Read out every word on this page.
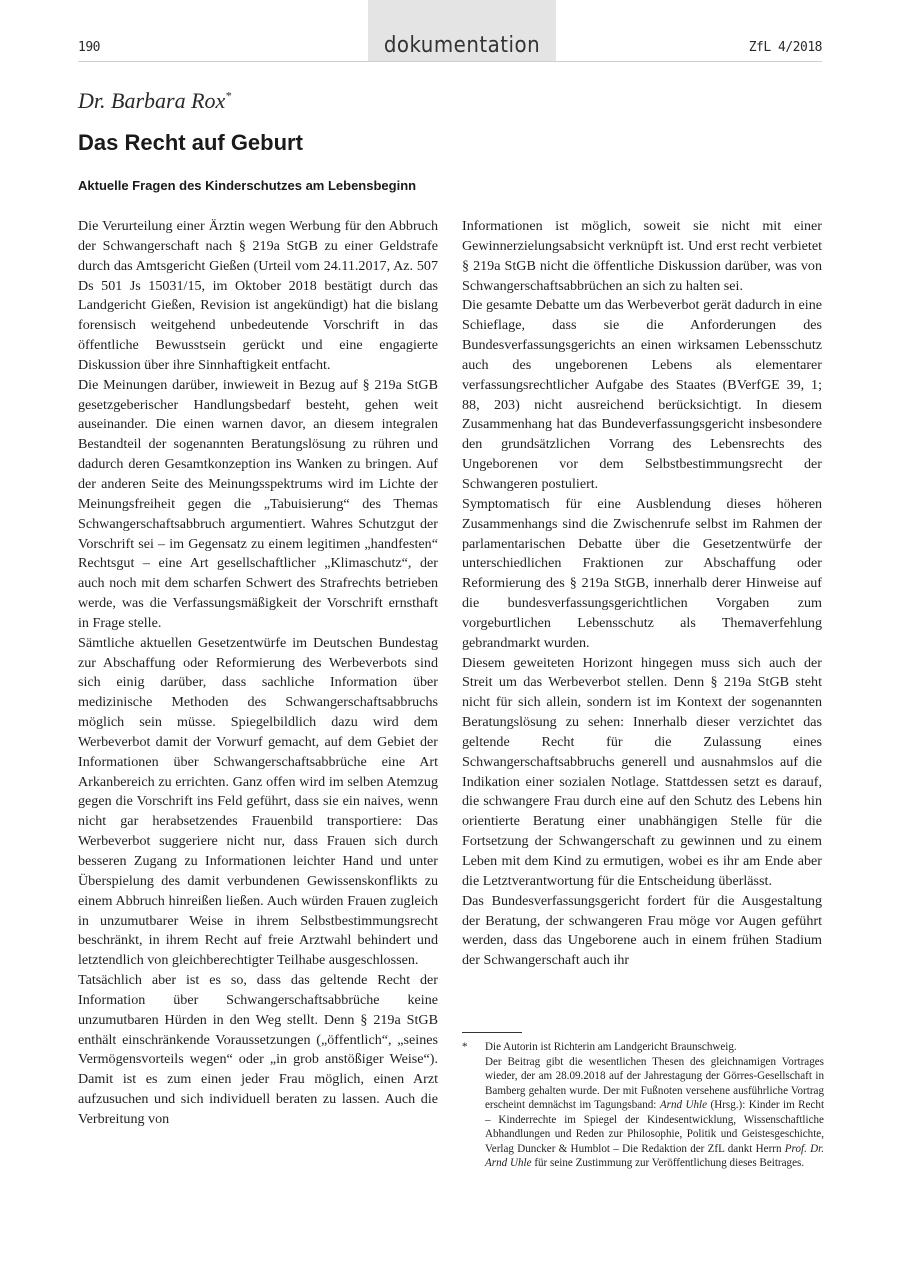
190	dokumentation	ZfL 4/2018
Dr. Barbara Rox*
Das Recht auf Geburt
Aktuelle Fragen des Kinderschutzes am Lebensbeginn

Die Verurteilung einer Ärztin wegen Werbung für den Abbruch der Schwangerschaft nach § 219a StGB zu einer Geldstrafe durch das Amtsgericht Gießen (Urteil vom 24.11.2017, Az. 507 Ds 501 Js 15031/15, im Oktober 2018 bestätigt durch das Landgericht Gießen, Revision ist angekündigt) hat die bislang forensisch weitgehend unbedeutende Vorschrift in das öffentliche Bewusstsein gerückt und eine engagierte Diskussion über ihre Sinnhaftigkeit entfacht.

Die Meinungen darüber, inwieweit in Bezug auf § 219a StGB gesetzgeberischer Handlungsbedarf besteht, gehen weit auseinander. Die einen warnen davor, an diesem integralen Bestandteil der sogenannten Beratungslösung zu rühren und dadurch deren Gesamtkonzeption ins Wanken zu bringen. Auf der anderen Seite des Meinungsspektrums wird im Lichte der Meinungsfreiheit gegen die „Tabuisierung“ des Themas Schwangerschaftsabbruch argumentiert. Wahres Schutzgut der Vorschrift sei – im Gegensatz zu einem legitimen „handfesten“ Rechtsgut – eine Art gesellschaftlicher „Klimaschutz“, der auch noch mit dem scharfen Schwert des Strafrechts betrieben werde, was die Verfassungsmäßigkeit der Vorschrift ernsthaft in Frage stelle.

Sämtliche aktuellen Gesetzentwürfe im Deutschen Bundestag zur Abschaffung oder Reformierung des Werbeverbots sind sich einig darüber, dass sachliche Information über medizinische Methoden des Schwangerschaftsabbruchs möglich sein müsse. Spiegelbildlich dazu wird dem Werbeverbot damit der Vorwurf gemacht, auf dem Gebiet der Informationen über Schwangerschaftsabbrüche eine Art Arkanbereich zu errichten. Ganz offen wird im selben Atemzug gegen die Vorschrift ins Feld geführt, dass sie ein naives, wenn nicht gar herabsetzendes Frauenbild transportiere: Das Werbeverbot suggeriere nicht nur, dass Frauen sich durch besseren Zugang zu Informationen leichter Hand und unter Überspielung des damit verbundenen Gewissenskonflikts zu einem Abbruch hinreißen ließen. Auch würden Frauen zugleich in unzumutbarer Weise in ihrem Selbstbestimmungsrecht beschränkt, in ihrem Recht auf freie Arztwahl behindert und letztendlich von gleichberechtigter Teilhabe ausgeschlossen.

Tatsächlich aber ist es so, dass das geltende Recht der Information über Schwangerschaftsabbrüche keine unzumutbaren Hürden in den Weg stellt. Denn § 219a StGB enthält einschränkende Voraussetzungen („öffentlich“, „seines Vermögensvorteils wegen“ oder „in grob anstößiger Weise“). Damit ist es zum einen jeder Frau möglich, einen Arzt aufzusuchen und sich individuell beraten zu lassen. Auch die Verbreitung von

Informationen ist möglich, soweit sie nicht mit einer Gewinnerzielungsabsicht verknüpft ist. Und erst recht verbietet § 219a StGB nicht die öffentliche Diskussion darüber, was von Schwangerschaftsabbrüchen an sich zu halten sei.

Die gesamte Debatte um das Werbeverbot gerät dadurch in eine Schieflage, dass sie die Anforderungen des Bundesverfassungsgerichts an einen wirksamen Lebensschutz auch des ungeborenen Lebens als elementarer verfassungsrechtlicher Aufgabe des Staates (BVerfGE 39, 1; 88, 203) nicht ausreichend berücksichtigt. In diesem Zusammenhang hat das Bundeverfassungsgericht insbesondere den grundsätzlichen Vorrang des Lebensrechts des Ungeborenen vor dem Selbstbestimmungsrecht der Schwangeren postuliert.

Symptomatisch für eine Ausblendung dieses höheren Zusammenhangs sind die Zwischenrufe selbst im Rahmen der parlamentarischen Debatte über die Gesetzentwürfe der unterschiedlichen Fraktionen zur Abschaffung oder Reformierung des § 219a StGB, innerhalb derer Hinweise auf die bundesverfassungsgerichtlichen Vorgaben zum vorgeburtlichen Lebensschutz als Themaverfehlung gebrandmarkt wurden.

Diesem geweiteten Horizont hingegen muss sich auch der Streit um das Werbeverbot stellen. Denn § 219a StGB steht nicht für sich allein, sondern ist im Kontext der sogenannten Beratungslösung zu sehen: Innerhalb dieser verzichtet das geltende Recht für die Zulassung eines Schwangerschaftsabbruchs generell und ausnahmslos auf die Indikation einer sozialen Notlage. Stattdessen setzt es darauf, die schwangere Frau durch eine auf den Schutz des Lebens hin orientierte Beratung einer unabhängigen Stelle für die Fortsetzung der Schwangerschaft zu gewinnen und zu einem Leben mit dem Kind zu ermutigen, wobei es ihr am Ende aber die Letztverantwortung für die Entscheidung überlässt.

Das Bundesverfassungsgericht fordert für die Ausgestaltung der Beratung, der schwangeren Frau möge vor Augen geführt werden, dass das Ungeborene auch in einem frühen Stadium der Schwangerschaft auch ihr

* Die Autorin ist Richterin am Landgericht Braunschweig.

Der Beitrag gibt die wesentlichen Thesen des gleichnamigen Vortrages wieder, der am 28.09.2018 auf der Jahrestagung der Görres-Gesellschaft in Bamberg gehalten wurde. Der mit Fußnoten versehene ausführliche Vortrag erscheint demnächst im Tagungsband: Arnd Uhle (Hrsg.): Kinder im Recht – Kinderrechte im Spiegel der Kindesentwicklung, Wissenschaftliche Abhandlungen und Reden zur Philosophie, Politik und Geistesgeschichte, Verlag Duncker & Humblot – Die Redaktion der ZfL dankt Herrn Prof. Dr. Arnd Uhle für seine Zustimmung zur Veröffentlichung dieses Beitrages.
